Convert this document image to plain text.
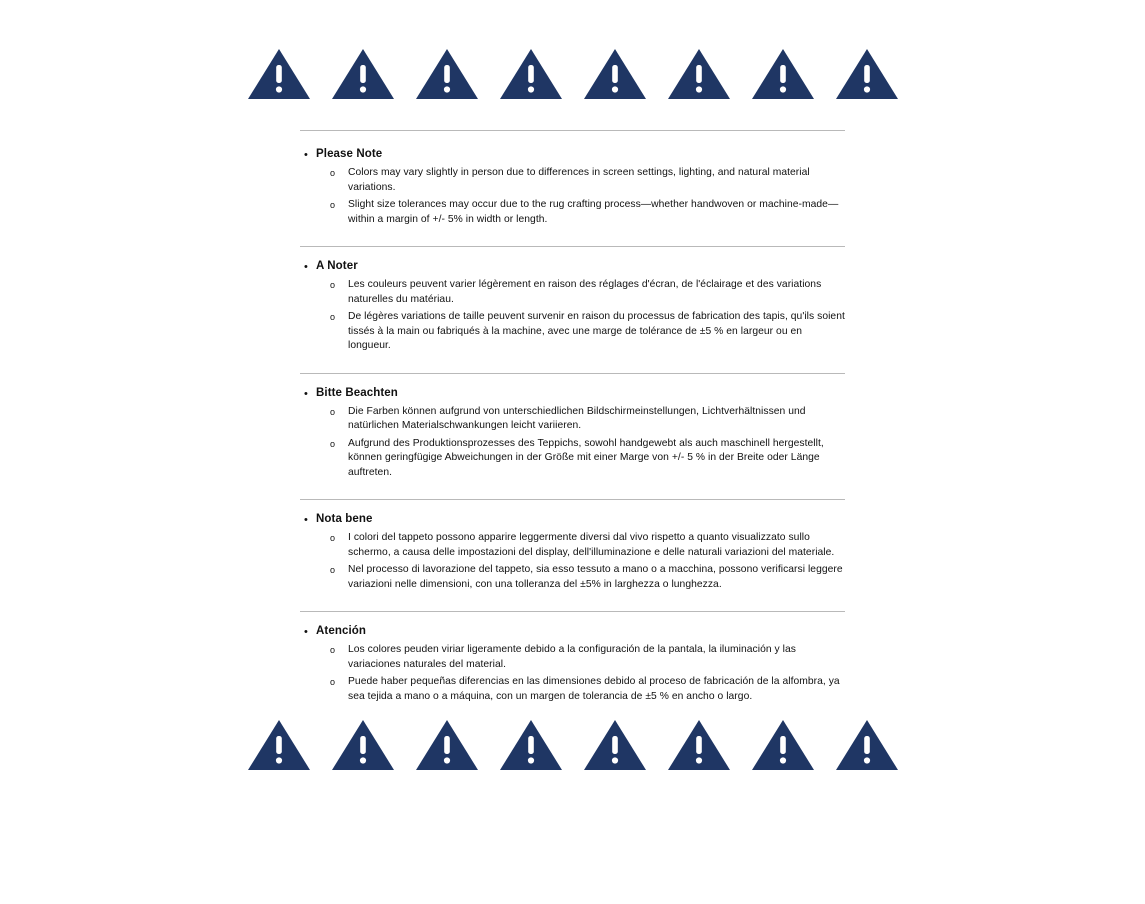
• Please Note
o	Colors may vary slightly in person due to differences in screen settings, lighting, and natural material variations.
o	Slight size tolerances may occur due to the rug crafting process—whether handwoven or machine-made—within a margin of +/- 5% in width or length.
• A Noter
o	Les couleurs peuvent varier légèrement en raison des réglages d'écran, de l'éclairage et des variations naturelles du matériau.
o	De légères variations de taille peuvent survenir en raison du processus de fabrication des tapis, qu'ils soient tissés à la main ou fabriqués à la machine, avec une marge de tolérance de ±5 % en largeur ou en longueur.
• Bitte Beachten
o	Die Farben können aufgrund von unterschiedlichen Bildschirmeinstellungen, Lichtverhältnissen und natürlichen Materialschwankungen leicht variieren.
o	Aufgrund des Produktionsprozesses des Teppichs, sowohl handgewebt als auch maschinell hergestellt, können geringfügige Abweichungen in der Größe mit einer Marge von +/- 5 % in der Breite oder Länge auftreten.
• Nota bene
o	I colori del tappeto possono apparire leggermente diversi dal vivo rispetto a quanto visualizzato sullo schermo, a causa delle impostazioni del display, dell'illuminazione e delle naturali variazioni del materiale.
o	Nel processo di lavorazione del tappeto, sia esso tessuto a mano o a macchina, possono verificarsi leggere variazioni nelle dimensioni, con una tolleranza del ±5% in larghezza o lunghezza.
• Atención
o	Los colores peuden viriar ligeramente debido a la configuración de la pantala, la iluminación y las variaciones naturales del material.
o	Puede haber pequeñas diferencias en las dimensiones debido al proceso de fabricación de la alfombra, ya sea tejida a mano o a máquina, con un margen de tolerancia de ±5 % en ancho o largo.
